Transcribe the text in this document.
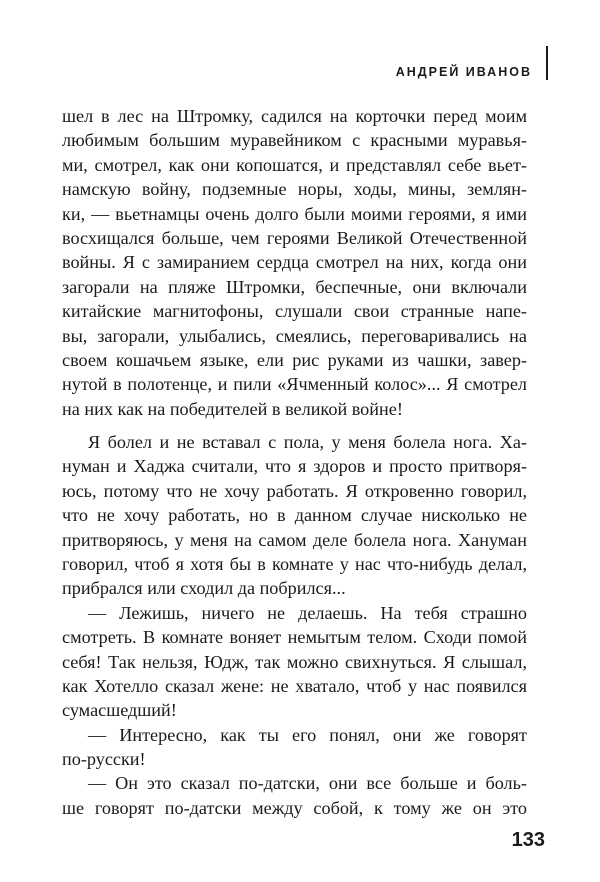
АНДРЕЙ ИВАНОВ
шел в лес на Штромку, садился на корточки перед моим
любимым большим муравейником с красными муравья-
ми, смотрел, как они копошатся, и представлял себе вьет-
намскую войну, подземные норы, ходы, мины, землян-
ки, — вьетнамцы очень долго были моими героями, я ими
восхищался больше, чем героями Великой Отечественной
войны. Я с замиранием сердца смотрел на них, когда они
загорали на пляже Штромки, беспечные, они включали
китайские магнитофоны, слушали свои странные напе-
вы, загорали, улыбались, смеялись, переговаривались на
своем кошачьем языке, ели рис руками из чашки, завер-
нутой в полотенце, и пили «Ячменный колос»... Я смотрел
на них как на победителей в великой войне!
Я болел и не вставал с пола, у меня болела нога. Ха-
нуман и Хаджа считали, что я здоров и просто притворя-
юсь, потому что не хочу работать. Я откровенно говорил,
что не хочу работать, но в данном случае нисколько не
притворяюсь, у меня на самом деле болела нога. Хануман
говорил, чтоб я хотя бы в комнате у нас что-нибудь делал,
прибрался или сходил да побрился...
— Лежишь, ничего не делаешь. На тебя страшно
смотреть. В комнате воняет немытым телом. Сходи помой
себя! Так нельзя, Юдж, так можно свихнуться. Я слышал,
как Хотелло сказал жене: не хватало, чтоб у нас появился
сумасшедший!
— Интересно, как ты его понял, они же говорят
по-русски!
— Он это сказал по-датски, они все больше и боль-
ше говорят по-датски между собой, к тому же он это
133
